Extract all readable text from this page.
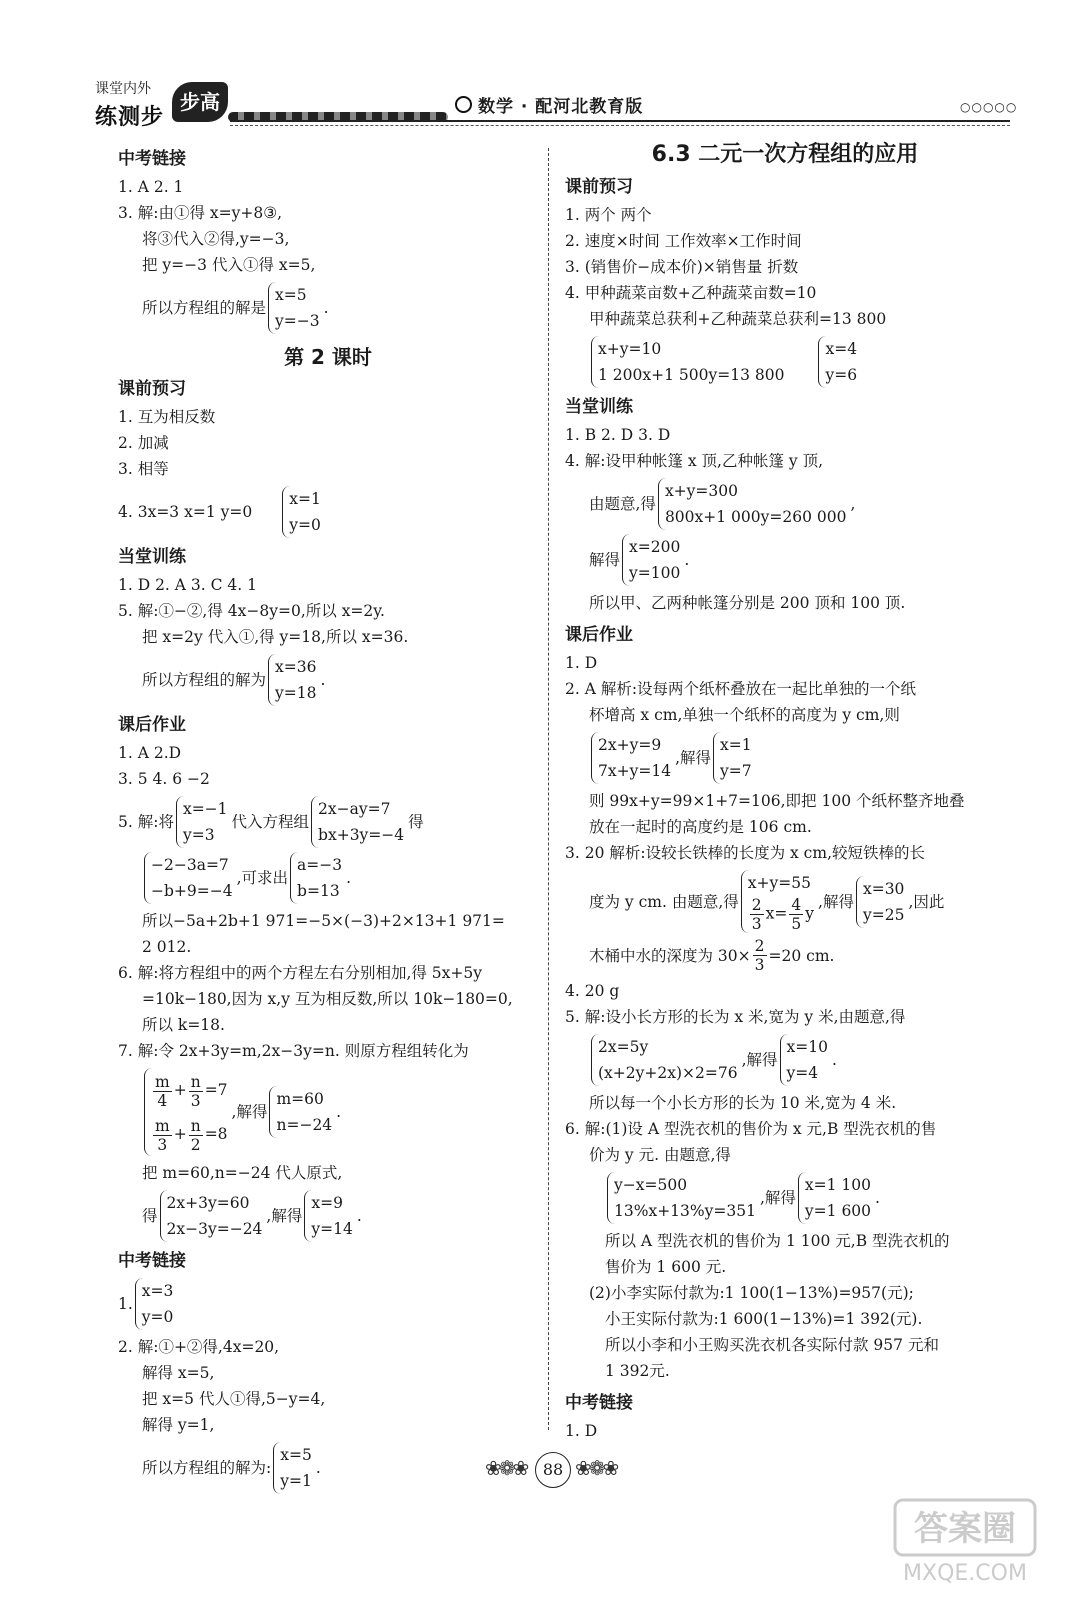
课堂内外
练测步
步高	数学 · 配河北教育版	○○○○○
中考链接
1. A 2. 1
3. 解:由①得 x=y+8③,
将③代入②得,y=−3,
把 y=−3 代入①得 x=5,
所以方程组的解是
x=5
y=−3
.
第 2 课时
课前预习
1. 互为相反数
2. 加减
3. 相等
4. 3x=3 x=1 y=0
x=1
y=0
当堂训练
1. D 2. A 3. C 4. 1
5. 解:①−②,得 4x−8y=0,所以 x=2y.
把 x=2y 代入①,得 y=18,所以 x=36.
所以方程组的解为
x=36
y=18
.
课后作业
1. A 2.D
3. 5 4. 6 −2
5. 解:将
x=−1
y=3
代入方程组
2x−ay=7
bx+3y=−4
得
−2−3a=7
−b+9=−4
,可求出
a=−3
b=13
.
所以−5a+2b+1 971=−5×(−3)+2×13+1 971=
2 012.
6. 解:将方程组中的两个方程左右分别相加,得 5x+5y
=10k−180,因为 x,y 互为相反数,所以 10k−180=0,
所以 k=18.
7. 解:令 2x+3y=m,2x−3y=n. 则原方程组转化为
$\frac{m}{4} + \frac{n}{3} =7$
$\frac{m}{3} + \frac{n}{2} =8$
,解得
m=60
n=−24
.
把 m=60,n=−24 代人原式,
得
2x+3y=60
2x−3y=−24
,解得
x=9
y=14
.
中考链接
1.
x=3
y=0
2. 解:①+②得,4x=20,
解得 x=5,
把 x=5 代人①得,5−y=4,
解得 y=1,
所以方程组的解为:
x=5
y=1
.
6.3 二元一次方程组的应用
课前预习
1. 两个 两个
2. 速度×时间 工作效率×工作时间
3. (销售价−成本价)×销售量 折数
4. 甲种蔬菜亩数+乙种蔬菜亩数=10
甲种蔬菜总获利+乙种蔬菜总获利=13 800
x+y=10
1 200x+1 500y=13 800
x=4
y=6
当堂训练
1. B 2. D 3. D
4. 解:设甲种帐篷 x 顶,乙种帐篷 y 顶,
由题意,得
x+y=300
800x+1 000y=260 000
,
解得
x=200
y=100
.
所以甲、乙两种帐篷分别是 200 顶和 100 顶.
课后作业
1. D
2. A 解析:设每两个纸杯叠放在一起比单独的一个纸
杯增高 x cm,单独一个纸杯的高度为 y cm,则
2x+y=9
7x+y=14
,解得
x=1
y=7
则 99x+y=99×1+7=106,即把 100 个纸杯整齐地叠
放在一起时的高度约是 106 cm.
3. 20 解析:设较长铁棒的长度为 x cm,较短铁棒的长
度为 y cm. 由题意,得
x+y=55
$\frac{2}{3} x= \frac{4}{5}$ y
,解得
x=30
y=25
,因此
木桶中水的深度为 $30\times \frac{2}{3} =20$ cm.
4. 20 g
5. 解:设小长方形的长为 x 米,宽为 y 米,由题意,得
2x=5y
(x+2y+2x)×2=76
,解得
x=10
y=4
.
所以每一个小长方形的长为 10 米,宽为 4 米.
6. 解:(1)设 A 型洗衣机的售价为 x 元,B 型洗衣机的售
价为 y 元. 由题意,得
y−x=500
13%x+13%y=351
,解得
x=1 100
y=1 600
.
所以 A 型洗衣机的售价为 1 100 元,B 型洗衣机的
售价为 1 600 元.
(2)小李实际付款为:1 100(1−13%)=957(元);
小王实际付款为:1 600(1−13%)=1 392(元).
所以小李和小王购买洗衣机各实际付款 957 元和
1 392元.
中考链接
1. D
❀❁❀	88 ❀❁❀
答案圈
MXQE.COM
